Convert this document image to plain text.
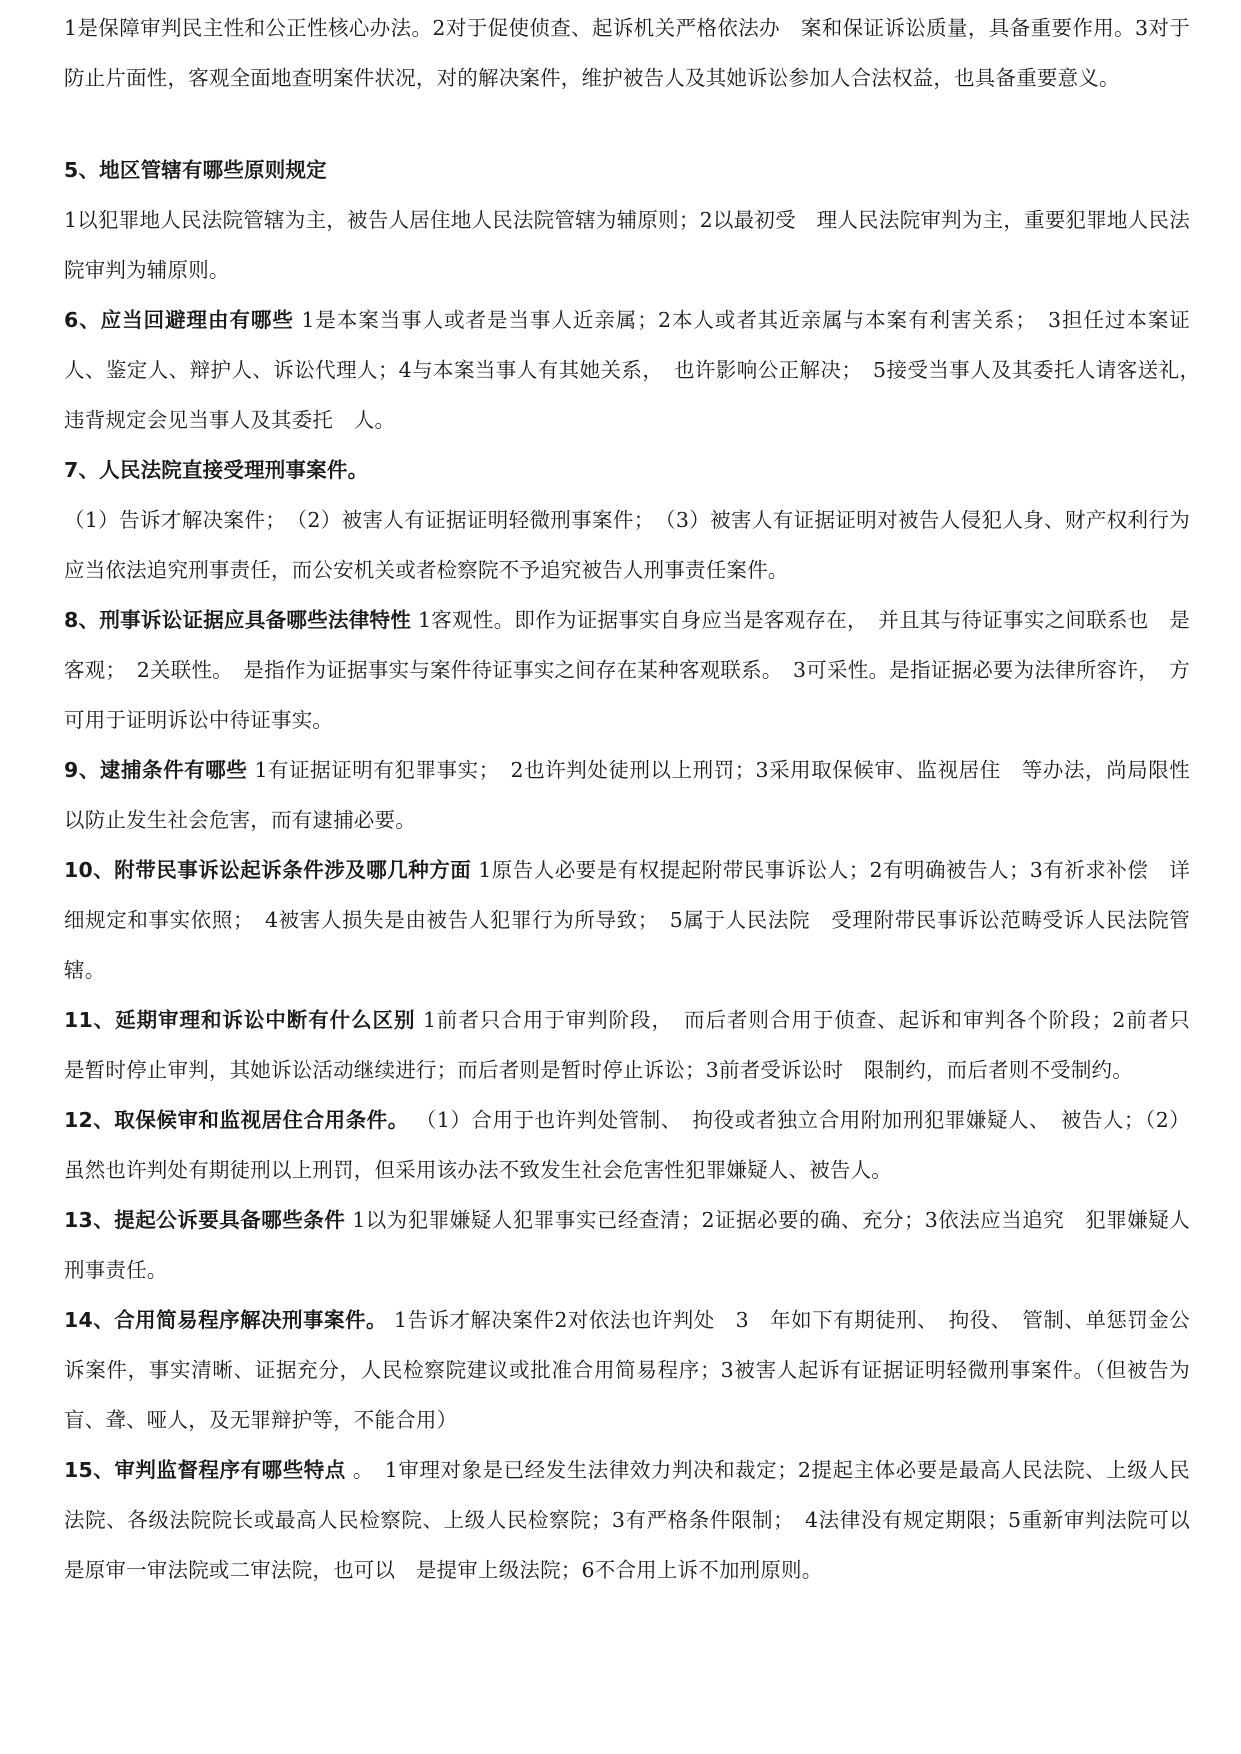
1是保障审判民主性和公正性核心办法。2对于促使侦查、起诉机关严格依法办　案和保证诉讼质量，具备重要作用。3对于防止片面性，客观全面地查明案件状况，对的解决案件，维护被告人及其她诉讼参加人合法权益，也具备重要意义。

5、地区管辖有哪些原则规定

1以犯罪地人民法院管辖为主，被告人居住地人民法院管辖为辅原则；2以最初受　理人民法院审判为主，重要犯罪地人民法院审判为辅原则。

6、应当回避理由有哪些 1是本案当事人或者是当事人近亲属；2本人或者其近亲属与本案有利害关系；　3担任过本案证人、鉴定人、辩护人、诉讼代理人；4与本案当事人有其她关系，　也许影响公正解决；　5接受当事人及其委托人请客送礼，　违背规定会见当事人及其委托　人。

7、人民法院直接受理刑事案件。

（1）告诉才解决案件；　（2）被害人有证据证明轻微刑事案件；　（3）被害人有证据证明对被告人侵犯人身、财产权利行为应当依法追究刑事责任，而公安机关或者检察院不予追究被告人刑事责任案件。

8、刑事诉讼证据应具备哪些法律特性 1客观性。即作为证据事实自身应当是客观存在，　并且其与待证事实之间联系也　是客观；　2关联性。　是指作为证据事实与案件待证事实之间存在某种客观联系。　3可采性。是指证据必要为法律所容许，　方可用于证明诉讼中待证事实。

9、逮捕条件有哪些 1有证据证明有犯罪事实；　2也许判处徒刑以上刑罚；3采用取保候审、监视居住　等办法，尚局限性以防止发生社会危害，而有逮捕必要。

10、附带民事诉讼起诉条件涉及哪几种方面 1原告人必要是有权提起附带民事诉讼人；2有明确被告人；3有祈求补偿　详细规定和事实依照；　4被害人损失是由被告人犯罪行为所导致；　5属于人民法院　受理附带民事诉讼范畴受诉人民法院管辖。

11、延期审理和诉讼中断有什么区别 1前者只合用于审判阶段，　而后者则合用于侦查、起诉和审判各个阶段；2前者只　是暂时停止审判，其她诉讼活动继续进行；而后者则是暂时停止诉讼；3前者受诉讼时　限制约，而后者则不受制约。

12、取保候审和监视居住合用条件。 （1）合用于也许判处管制、　拘役或者独立合用附加刑犯罪嫌疑人、　被告人；（2）虽然也许判处有期徒刑以上刑罚，但采用该办法不致发生社会危害性犯罪嫌疑人、被告人。

13、提起公诉要具备哪些条件 1以为犯罪嫌疑人犯罪事实已经查清；2证据必要的确、充分；3依法应当追究　犯罪嫌疑人刑事责任。

14、合用简易程序解决刑事案件。 1告诉才解决案件2对依法也许判处　3　年如下有期徒刑、　拘役、　管制、单惩罚金公诉案件，事实清晰、证据充分，人民检察院建议或批准合用简易程序；3被害人起诉有证据证明轻微刑事案件。（但被告为盲、聋、哑人，及无罪辩护等，不能合用）

15、审判监督程序有哪些特点 。　1审理对象是已经发生法律效力判决和裁定；2提起主体必要是最高人民法院、上级人民法院、各级法院院长或最高人民检察院、上级人民检察院；3有严格条件限制；　4法律没有规定期限；5重新审判法院可以是原审一审法院或二审法院，也可以　是提审上级法院；6不合用上诉不加刑原则。
